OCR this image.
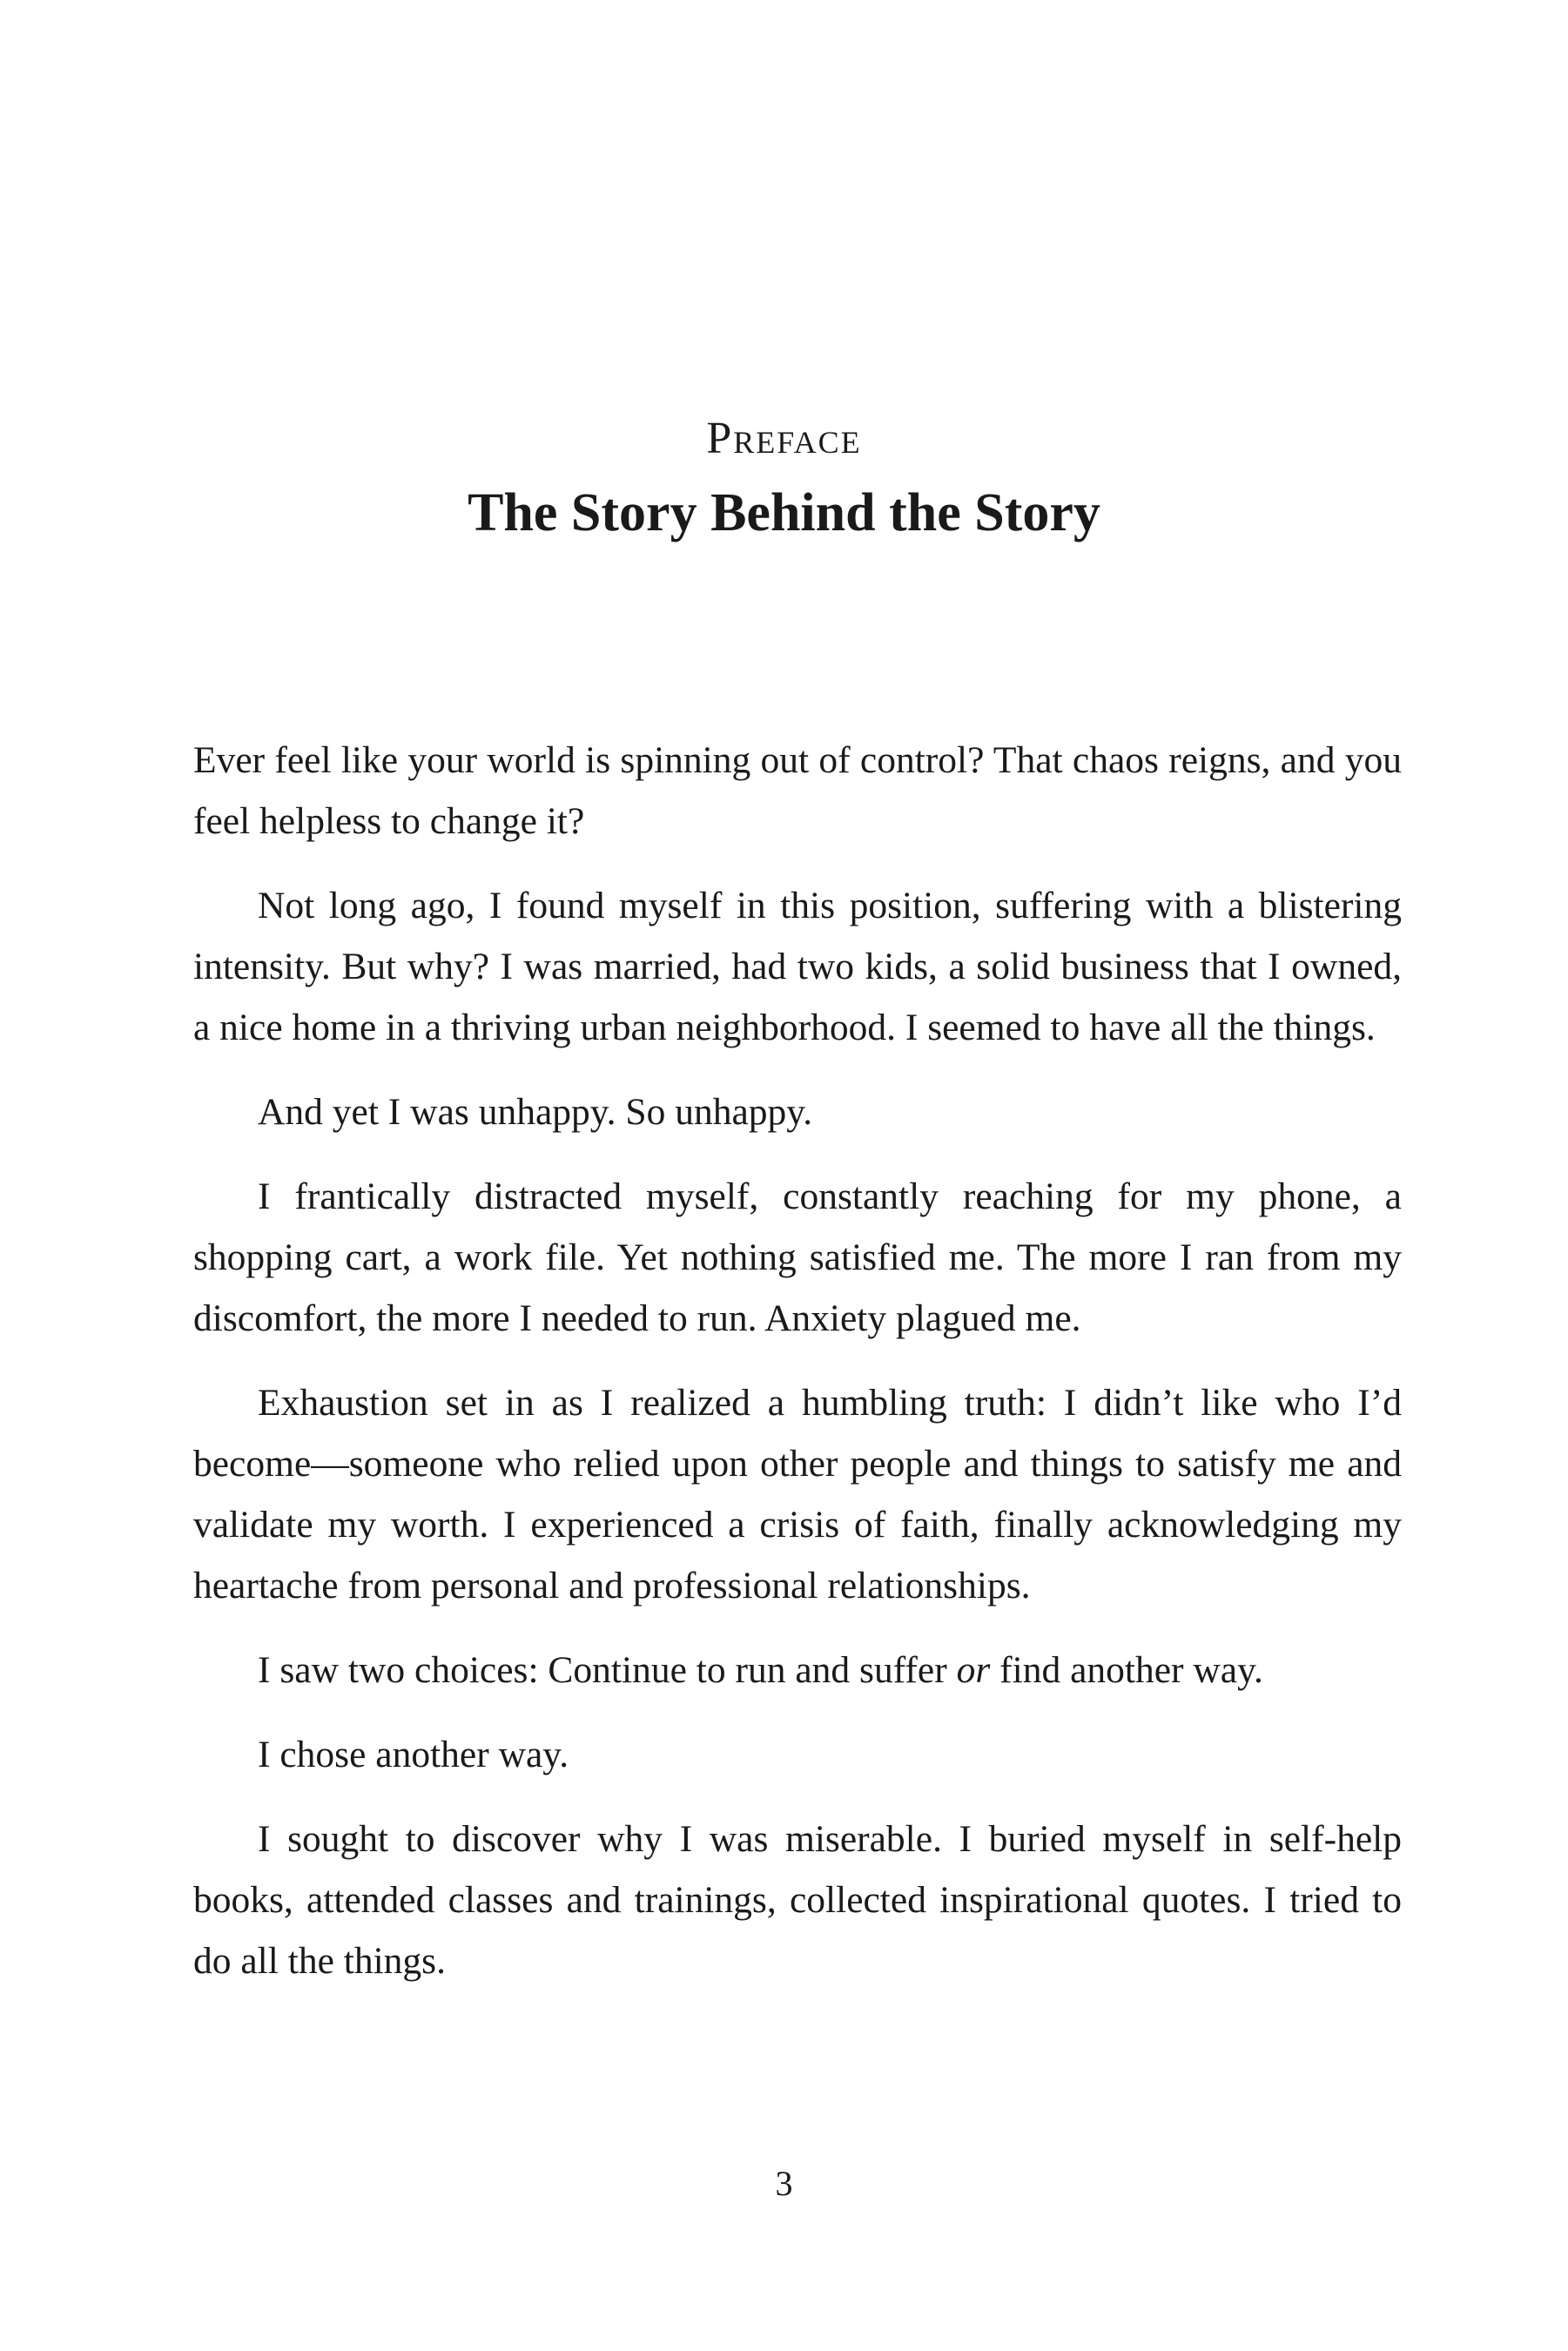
Preface
The Story Behind the Story

Ever feel like your world is spinning out of control? That chaos reigns, and you feel helpless to change it?

Not long ago, I found myself in this position, suffering with a blistering intensity. But why? I was married, had two kids, a solid business that I owned, a nice home in a thriving urban neighborhood. I seemed to have all the things.

And yet I was unhappy. So unhappy.

I frantically distracted myself, constantly reaching for my phone, a shopping cart, a work file. Yet nothing satisfied me. The more I ran from my discomfort, the more I needed to run. Anxiety plagued me.

Exhaustion set in as I realized a humbling truth: I didn’t like who I’d become—someone who relied upon other people and things to satisfy me and validate my worth. I experienced a crisis of faith, finally acknowledging my heartache from personal and professional relationships.

I saw two choices: Continue to run and suffer or find another way.

I chose another way.

I sought to discover why I was miserable. I buried myself in self-help books, attended classes and trainings, collected inspirational quotes. I tried to do all the things.

3
